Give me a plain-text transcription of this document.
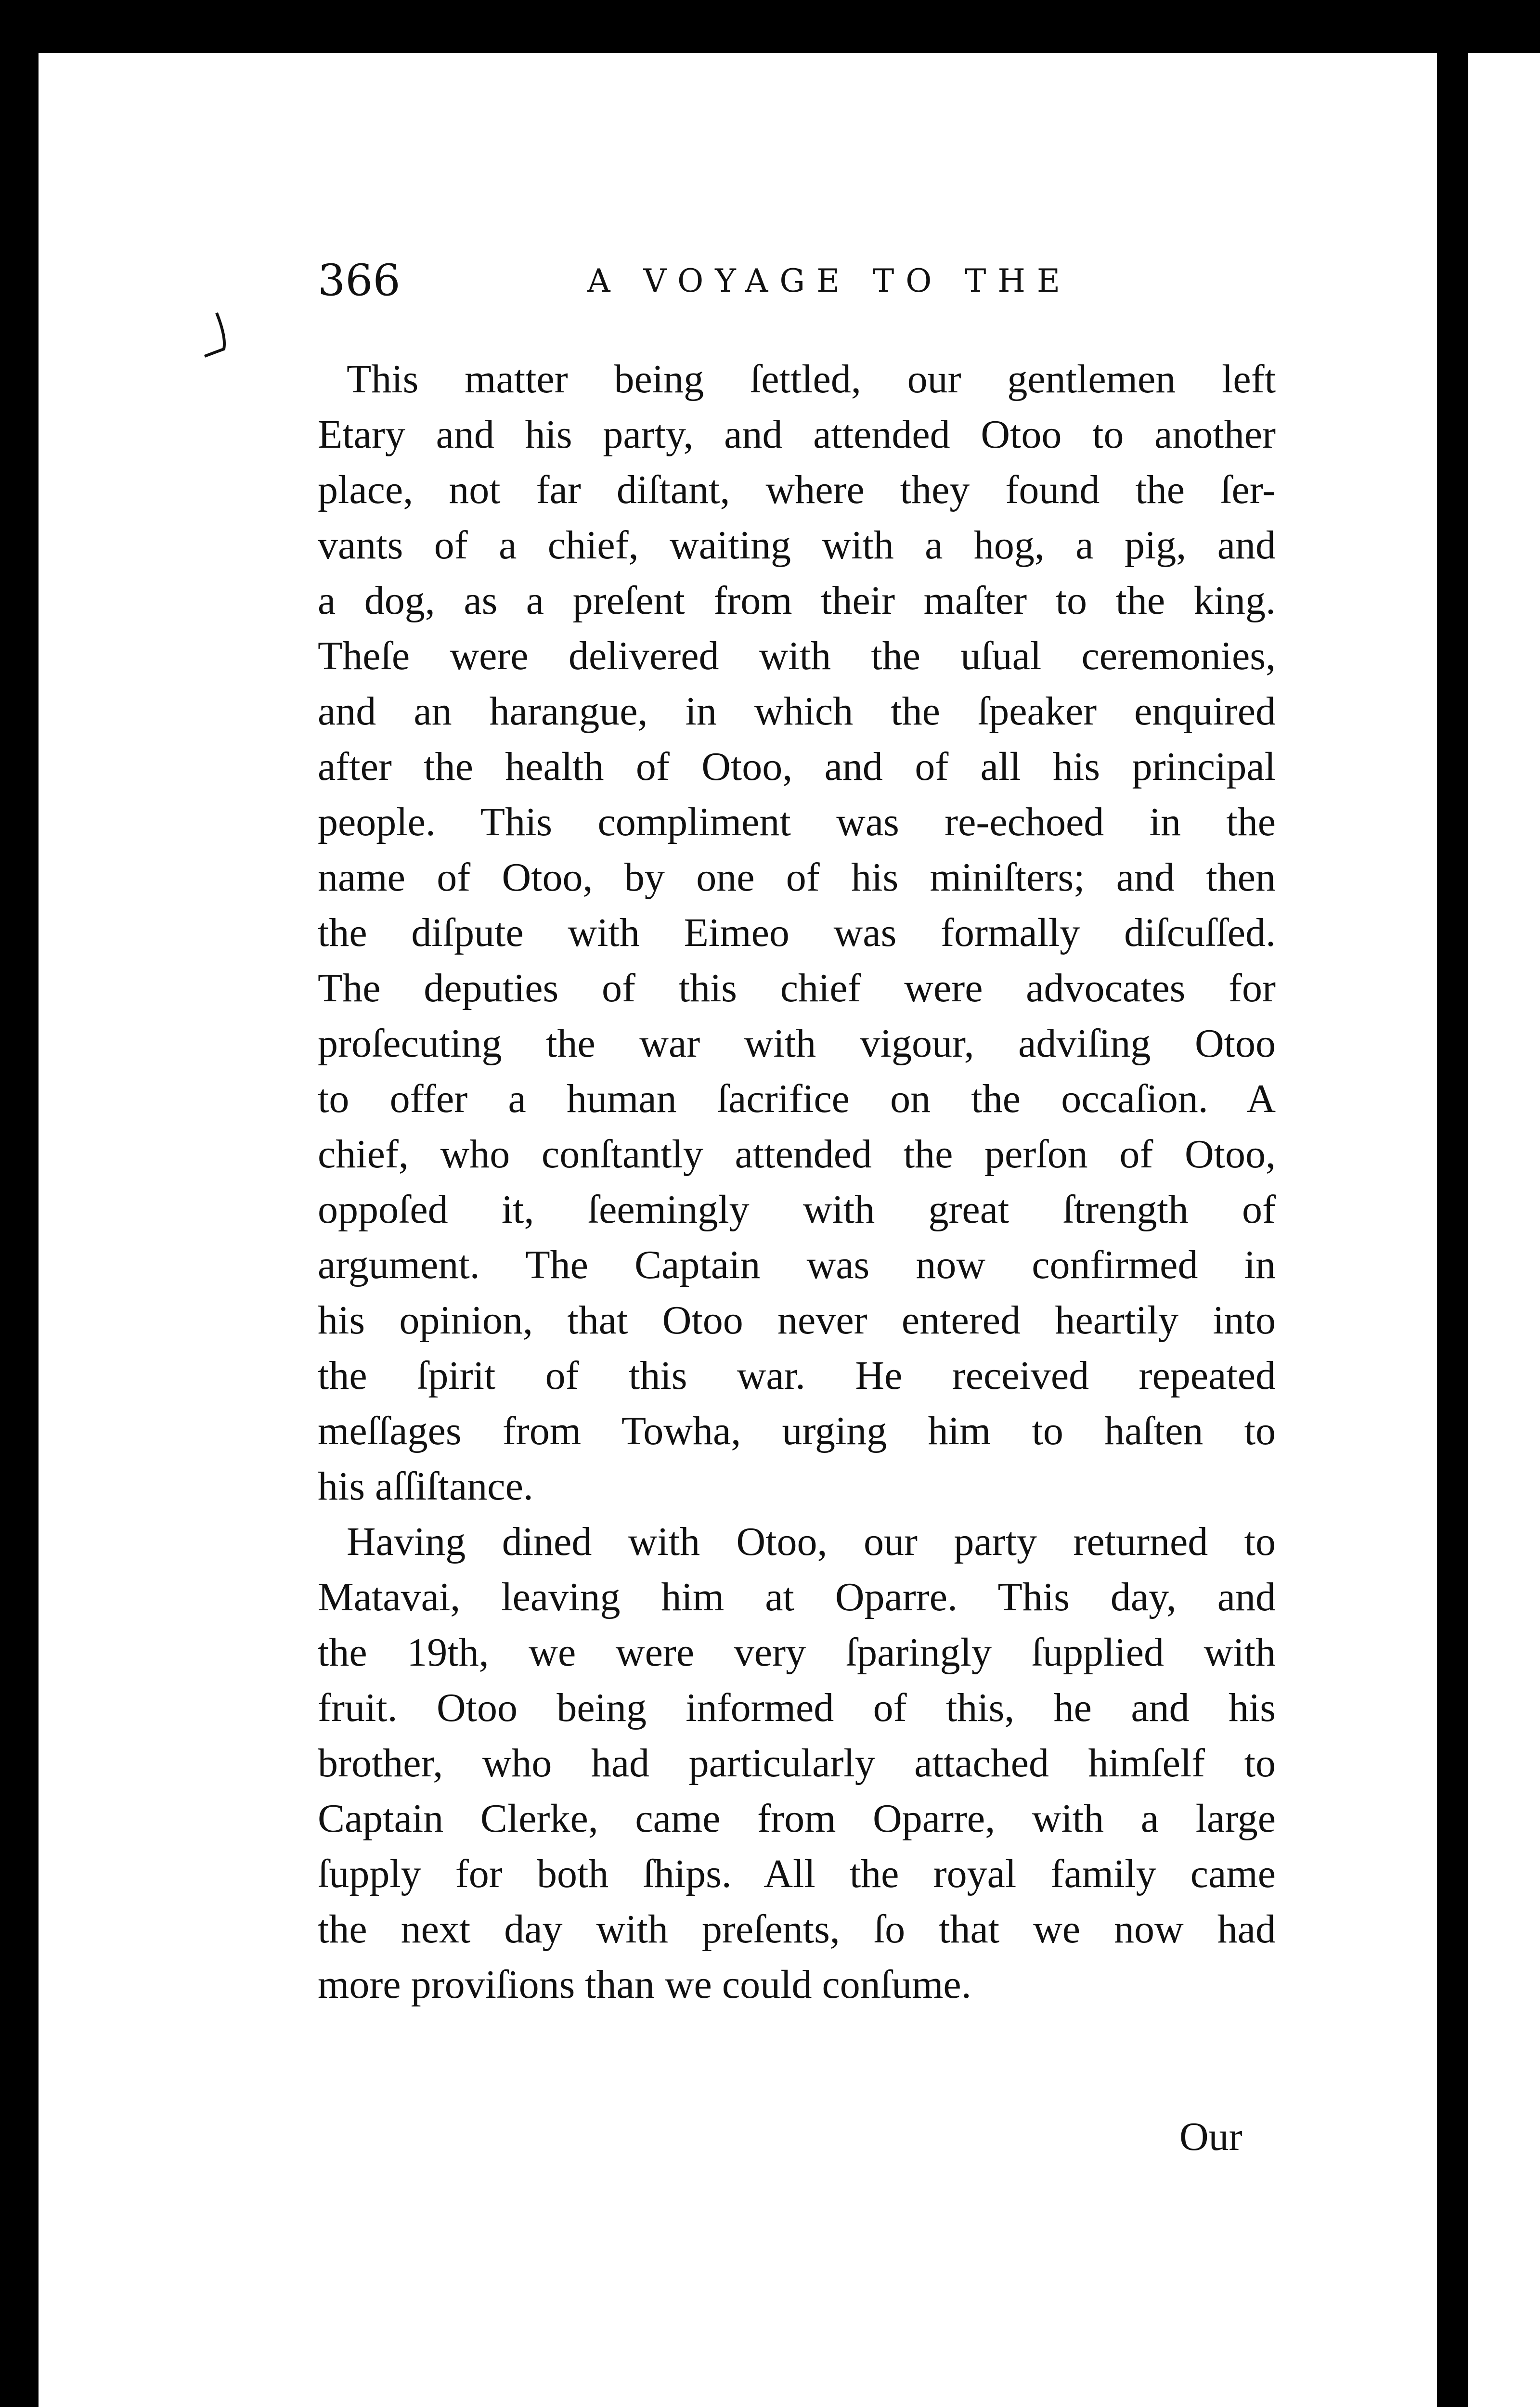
366	A VOYAGE TO THE
This matter being ſettled, our gentlemen left
Etary and his party, and attended Otoo to another
place, not far diſtant, where they found the ſer-
vants of a chief, waiting with a hog, a pig, and
a dog, as a preſent from their maſter to the king.
Theſe were delivered with the uſual ceremonies,
and an harangue, in which the ſpeaker enquired
after the health of Otoo, and of all his principal
people. This compliment was re-echoed in the
name of Otoo, by one of his miniſters; and then
the diſpute with Eimeo was formally diſcuſſed.
The deputies of this chief were advocates for
proſecuting the war with vigour, adviſing Otoo
to offer a human ſacrifice on the occaſion. A
chief, who conſtantly attended the perſon of Otoo,
oppoſed it, ſeemingly with great ſtrength of
argument. The Captain was now confirmed in
his opinion, that Otoo never entered heartily into
the ſpirit of this war. He received repeated
meſſages from Towha, urging him to haſten to
his aſſiſtance.
Having dined with Otoo, our party returned to
Matavai, leaving him at Oparre. This day, and
the 19th, we were very ſparingly ſupplied with
fruit. Otoo being informed of this, he and his
brother, who had particularly attached himſelf to
Captain Clerke, came from Oparre, with a large
ſupply for both ſhips. All the royal family came
the next day with preſents, ſo that we now had
more proviſions than we could conſume.
Our
